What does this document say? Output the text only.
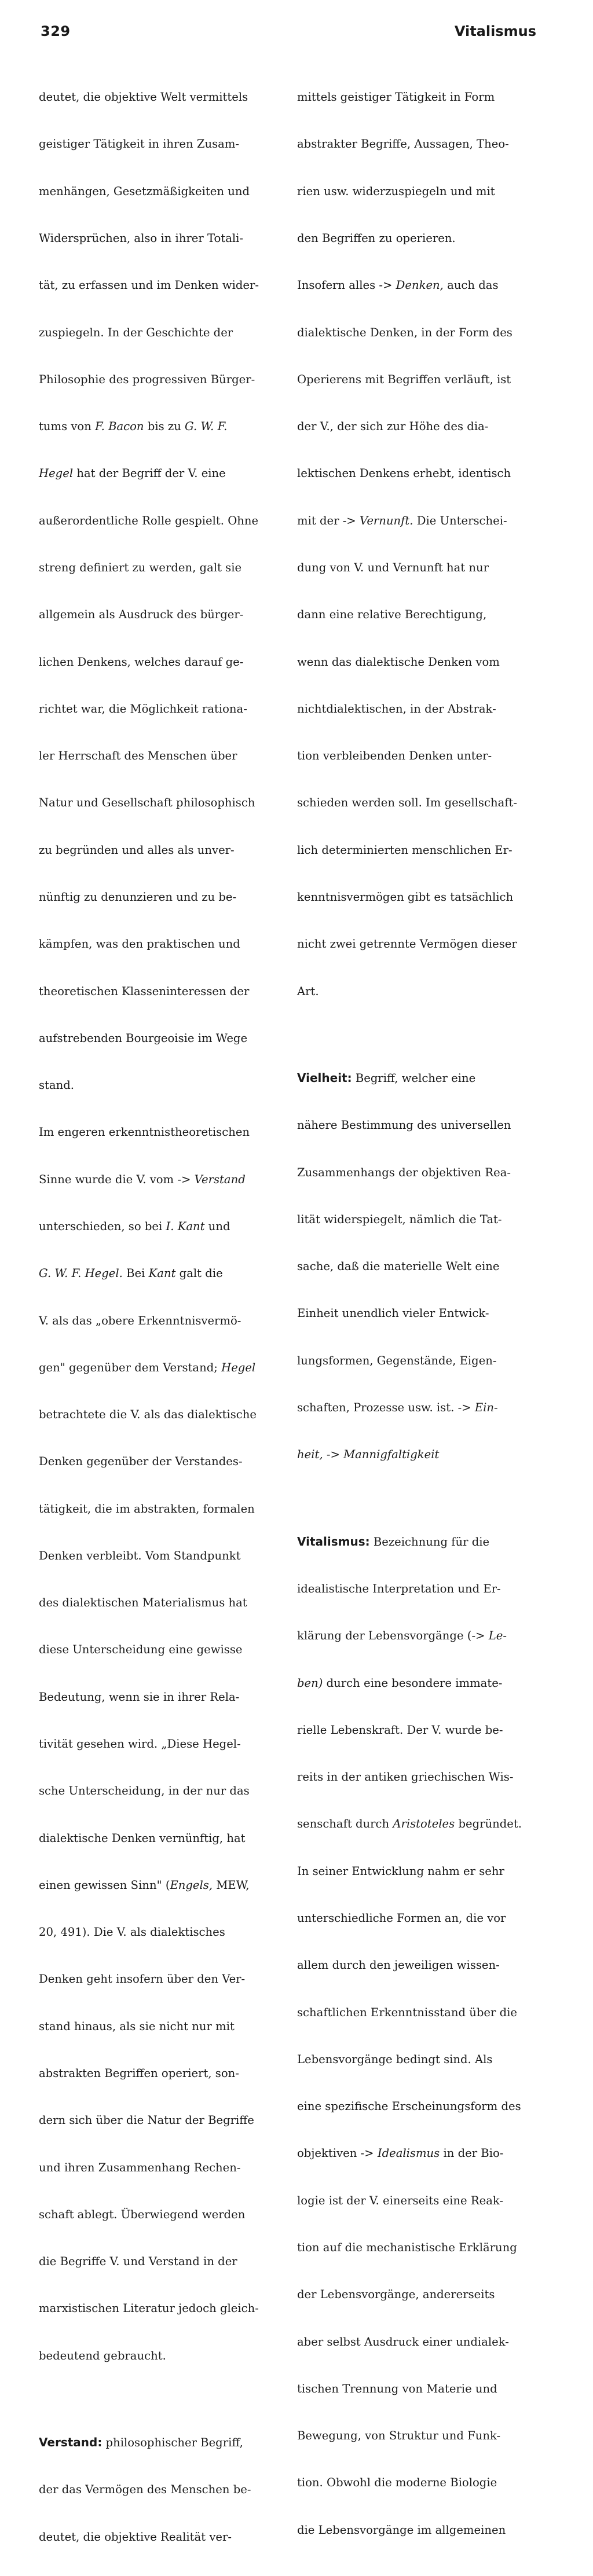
329	Vitalismus

deutet, die objektive Welt vermittels

geistiger Tätigkeit in ihren Zusam-

menhängen, Gesetzmäßigkeiten und

Widersprüchen, also in ihrer Totali-

tät, zu erfassen und im Denken wider-

zuspiegeln. In der Geschichte der

Philosophie des progressiven Bürger-

tums von F. Bacon bis zu G. W. F.

Hegel hat der Begriff der V. eine

außerordentliche Rolle gespielt. Ohne

streng definiert zu werden, galt sie

allgemein als Ausdruck des bürger-

lichen Denkens, welches darauf ge-

richtet war, die Möglichkeit rationa-

ler Herrschaft des Menschen über

Natur und Gesellschaft philosophisch

zu begründen und alles als unver-

nünftig zu denunzieren und zu be-

kämpfen, was den praktischen und

theoretischen Klasseninteressen der

aufstrebenden Bourgeoisie im Wege

stand.

Im engeren erkenntnistheoretischen

Sinne wurde die V. vom -> Verstand

unterschieden, so bei I. Kant und

G. W. F. Hegel. Bei Kant galt die

V. als das „obere Erkenntnisvermö-

gen" gegenüber dem Verstand; Hegel

betrachtete die V. als das dialektische

Denken gegenüber der Verstandes-

tätigkeit, die im abstrakten, formalen

Denken verbleibt. Vom Standpunkt

des dialektischen Materialismus hat

diese Unterscheidung eine gewisse

Bedeutung, wenn sie in ihrer Rela-

tivität gesehen wird. „Diese Hegel-

sche Unterscheidung, in der nur das

dialektische Denken vernünftig, hat

einen gewissen Sinn" (Engels, MEW,

20, 491). Die V. als dialektisches

Denken geht insofern über den Ver-

stand hinaus, als sie nicht nur mit

abstrakten Begriffen operiert, son-

dern sich über die Natur der Begriffe

und ihren Zusammenhang Rechen-

schaft ablegt. Überwiegend werden

die Begriffe V. und Verstand in der

marxistischen Literatur jedoch gleich-

bedeutend gebraucht.

Verstand: philosophischer Begriff,

der das Vermögen des Menschen be-

deutet, die objektive Realität ver-

mittels geistiger Tätigkeit in Form

abstrakter Begriffe, Aussagen, Theo-

rien usw. widerzuspiegeln und mit

den Begriffen zu operieren.

Insofern alles -> Denken, auch das

dialektische Denken, in der Form des

Operierens mit Begriffen verläuft, ist

der V., der sich zur Höhe des dia-

lektischen Denkens erhebt, identisch

mit der -> Vernunft. Die Unterschei-

dung von V. und Vernunft hat nur

dann eine relative Berechtigung,

wenn das dialektische Denken vom

nichtdialektischen, in der Abstrak-

tion verbleibenden Denken unter-

schieden werden soll. Im gesellschaft-

lich determinierten menschlichen Er-

kenntnisvermögen gibt es tatsächlich

nicht zwei getrennte Vermögen dieser

Art.

Vielheit: Begriff, welcher eine

nähere Bestimmung des universellen

Zusammenhangs der objektiven Rea-

lität widerspiegelt, nämlich die Tat-

sache, daß die materielle Welt eine

Einheit unendlich vieler Entwick-

lungsformen, Gegenstände, Eigen-

schaften, Prozesse usw. ist. -> Ein-

heit, -> Mannigfaltigkeit

Vitalismus: Bezeichnung für die

idealistische Interpretation und Er-

klärung der Lebensvorgänge (-> Le-

ben) durch eine besondere immate-

rielle Lebenskraft. Der V. wurde be-

reits in der antiken griechischen Wis-

senschaft durch Aristoteles begründet.

In seiner Entwicklung nahm er sehr

unterschiedliche Formen an, die vor

allem durch den jeweiligen wissen-

schaftlichen Erkenntnisstand über die

Lebensvorgänge bedingt sind. Als

eine spezifische Erscheinungsform des

objektiven -> Idealismus in der Bio-

logie ist der V. einerseits eine Reak-

tion auf die mechanistische Erklärung

der Lebensvorgänge, andererseits

aber selbst Ausdruck einer undialek-

tischen Trennung von Materie und

Bewegung, von Struktur und Funk-

tion. Obwohl die moderne Biologie

die Lebensvorgänge im allgemeinen
